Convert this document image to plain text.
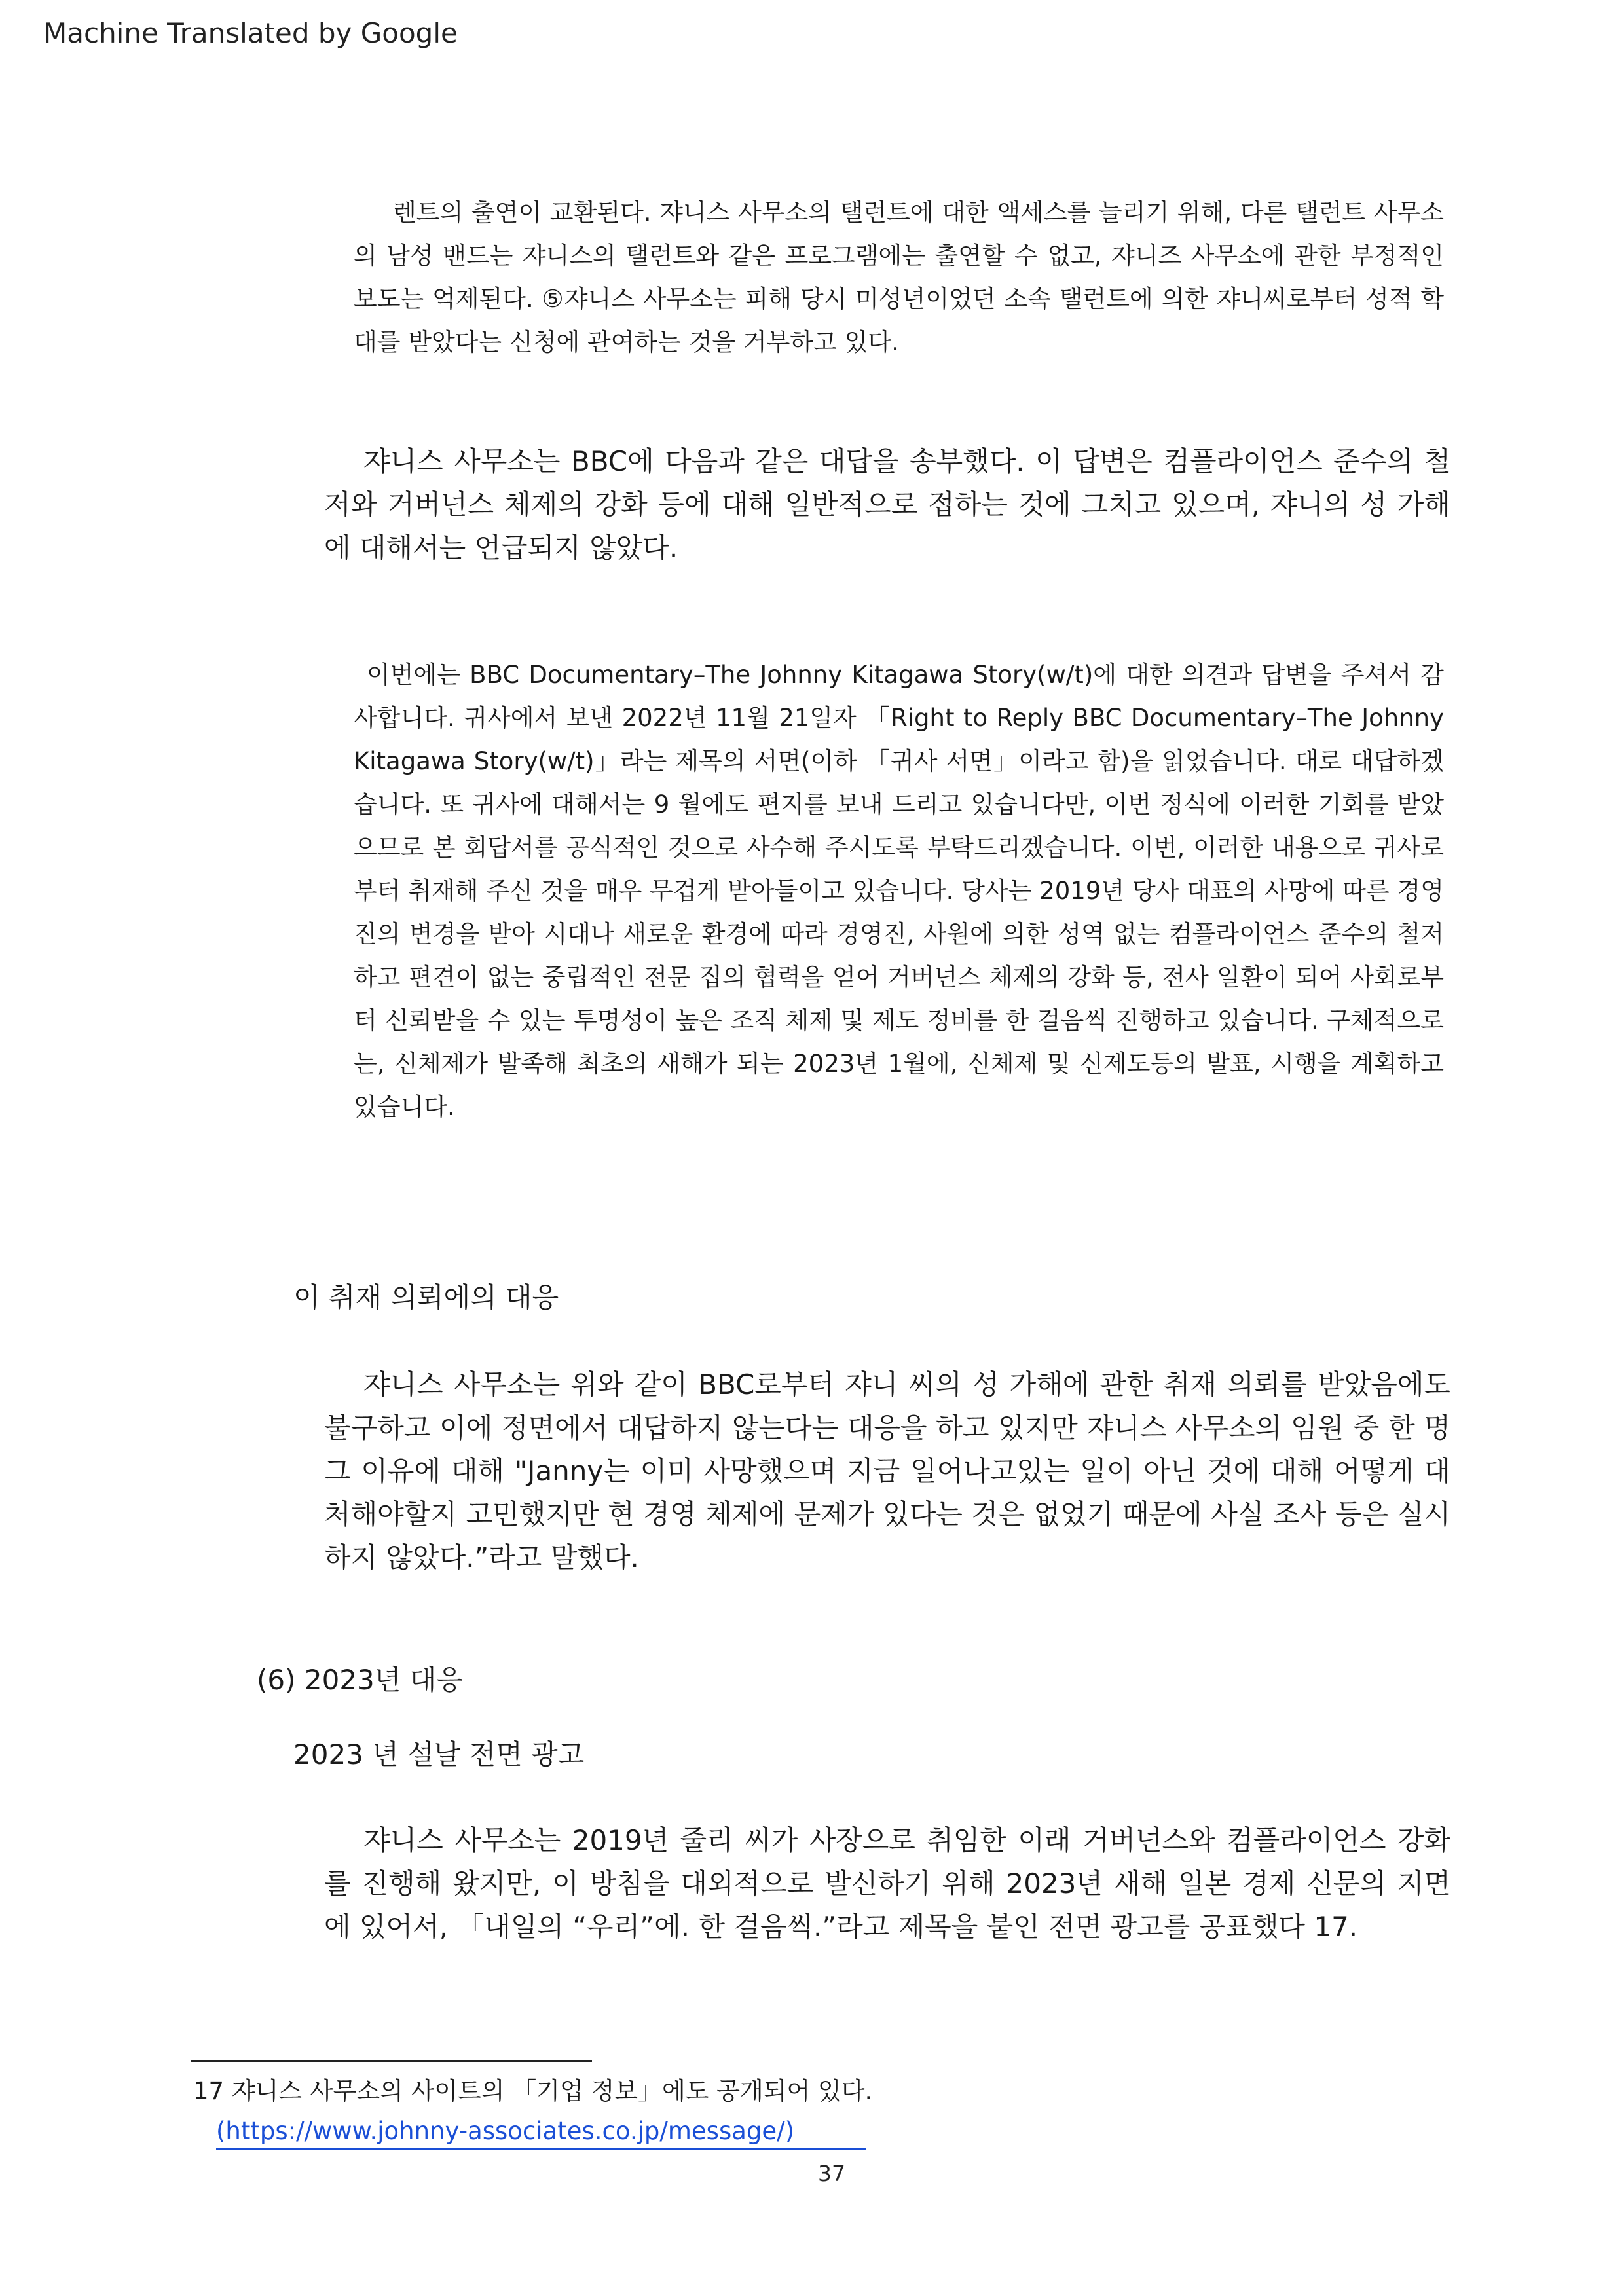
Machine Translated by Google

렌트의 출연이 교환된다. 쟈니스 사무소의 탤런트에 대한 액세스를 늘리기 위해, 다른 탤런트 사무소의 남성 밴드는 쟈니스의 탤런트와 같은 프로그램에는 출연할 수 없고, 쟈니즈 사무소에 관한 부정적인 보도는 억제된다. ⑤쟈니스 사무소는 피해 당시 미성년이었던 소속 탤런트에 의한 쟈니씨로부터 성적 학대를 받았다는 신청에 관여하는 것을 거부하고 있다.

쟈니스 사무소는 BBC에 다음과 같은 대답을 송부했다. 이 답변은 컴플라이언스 준수의 철저와 거버넌스 체제의 강화 등에 대해 일반적으로 접하는 것에 그치고 있으며, 쟈니의 성 가해에 대해서는 언급되지 않았다.

이번에는 BBC Documentary–The Johnny Kitagawa Story(w/t)에 대한 의견과 답변을 주셔서 감사합니다. 귀사에서 보낸 2022년 11월 21일자 「Right to Reply BBC Documentary–The Johnny Kitagawa Story(w/t)」라는 제목의 서면(이하 「귀사 서면」이라고 함)을 읽었습니다. 대로 대답하겠습니다. 또 귀사에 대해서는 9 월에도 편지를 보내 드리고 있습니다만, 이번 정식에 이러한 기회를 받았으므로 본 회답서를 공식적인 것으로 사수해 주시도록 부탁드리겠습니다. 이번, 이러한 내용으로 귀사로부터 취재해 주신 것을 매우 무겁게 받아들이고 있습니다. 당사는 2019년 당사 대표의 사망에 따른 경영진의 변경을 받아 시대나 새로운 환경에 따라 경영진, 사원에 의한 성역 없는 컴플라이언스 준수의 철저하고 편견이 없는 중립적인 전문 집의 협력을 얻어 거버넌스 체제의 강화 등, 전사 일환이 되어 사회로부터 신뢰받을 수 있는 투명성이 높은 조직 체제 및 제도 정비를 한 걸음씩 진행하고 있습니다. 구체적으로는, 신체제가 발족해 최초의 새해가 되는 2023년 1월에, 신체제 및 신제도등의 발표, 시행을 계획하고 있습니다.

이 취재 의뢰에의 대응

쟈니스 사무소는 위와 같이 BBC로부터 쟈니 씨의 성 가해에 관한 취재 의뢰를 받았음에도 불구하고 이에 정면에서 대답하지 않는다는 대응을 하고 있지만 쟈니스 사무소의 임원 중 한 명 그 이유에 대해 "Janny는 이미 사망했으며 지금 일어나고있는 일이 아닌 것에 대해 어떻게 대처해야할지 고민했지만 현 경영 체제에 문제가 있다는 것은 없었기 때문에 사실 조사 등은 실시하지 않았다.”라고 말했다.

(6) 2023년 대응

2023 년 설날 전면 광고

쟈니스 사무소는 2019년 줄리 씨가 사장으로 취임한 이래 거버넌스와 컴플라이언스 강화를 진행해 왔지만, 이 방침을 대외적으로 발신하기 위해 2023년 새해 일본 경제 신문의 지면 에 있어서, 「내일의 “우리”에. 한 걸음씩.”라고 제목을 붙인 전면 광고를 공표했다 17.

17 쟈니스 사무소의 사이트의 「기업 정보」에도 공개되어 있다.

(https://www.johnny-associates.co.jp/message/)
37
